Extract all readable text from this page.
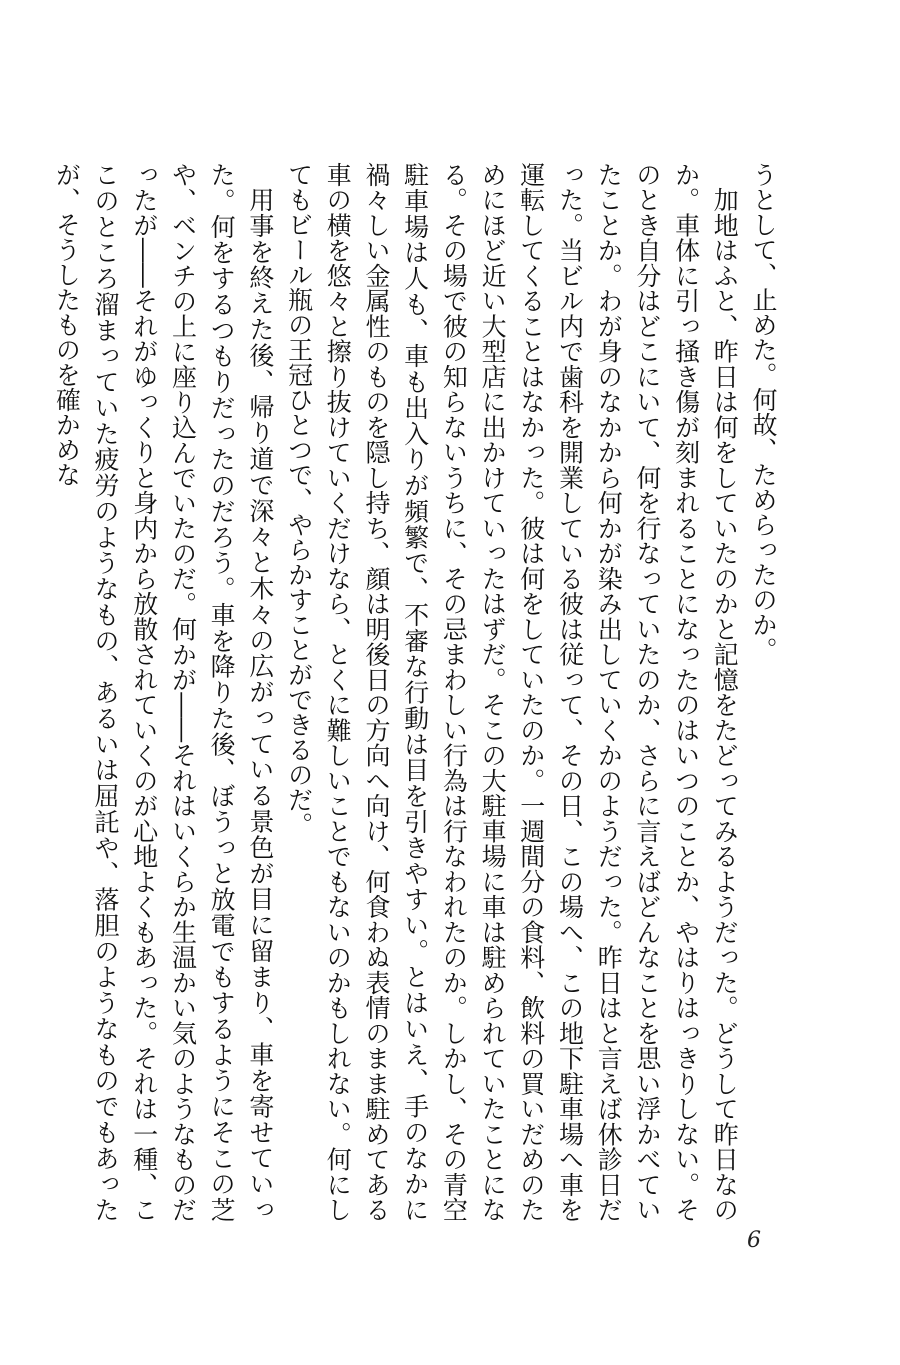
うとして、止めた。何故、ためらったのか。

加地はふと、昨日は何をしていたのかと記憶をたどってみるようだった。どうして昨日なのか。車体に引っ掻き傷が刻まれることになったのはいつのことか、やはりはっきりしない。そのとき自分はどこにいて、何を行なっていたのか、さらに言えばどんなことを思い浮かべていたことか。わが身のなかから何かが染み出していくかのようだった。昨日はと言えば休診日だった。当ビル内で歯科を開業している彼は従って、その日、この場へ、この地下駐車場へ車を運転してくることはなかった。彼は何をしていたのか。一週間分の食料、飲料の買いだめのためにほど近い大型店に出かけていったはずだ。そこの大駐車場に車は駐められていたことになる。その場で彼の知らないうちに、その忌まわしい行為は行なわれたのか。しかし、その青空駐車場は人も、車も出入りが頻繁で、不審な行動は目を引きやすい。とはいえ、手のなかに禍々しい金属性のものを隠し持ち、顔は明後日の方向へ向け、何食わぬ表情のまま駐めてある車の横を悠々と擦り抜けていくだけなら、とくに難しいことでもないのかもしれない。何にしてもビール瓶の王冠ひとつで、やらかすことができるのだ。

用事を終えた後、帰り道で深々と木々の広がっている景色が目に留まり、車を寄せていった。何をするつもりだったのだろう。車を降りた後、ぼうっと放電でもするようにそこの芝や、ベンチの上に座り込んでいたのだ。何かが――それはいくらか生温かい気のようなものだったが――それがゆっくりと身内から放散されていくのが心地よくもあった。それは一種、ここのところ溜まっていた疲労のようなもの、あるいは屈託や、落胆のようなものでもあったが、そうしたものを確かめな

6
